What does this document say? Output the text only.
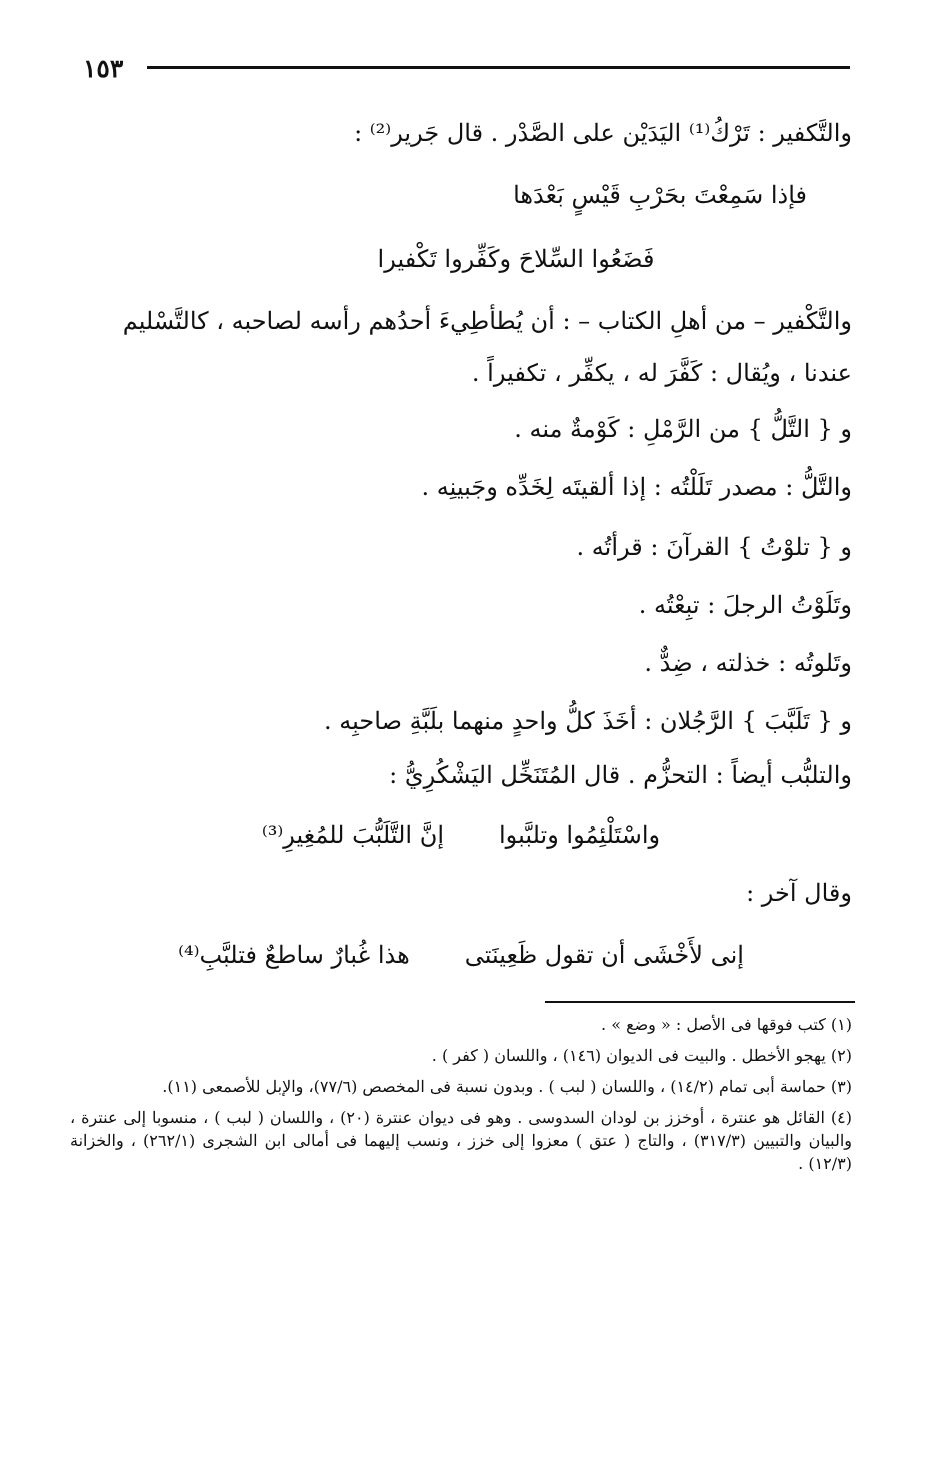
١٥٣

والتَّكفير : تَرْكُ⁽¹⁾ اليَدَيْن على الصَّدْر . قال جَرير⁽²⁾ :

فإذا سَمِعْتَ بحَرْبِ قَيْسٍ بَعْدَها

فَضَعُوا السِّلاحَ وكَفِّروا تَكْفيرا

والتَّكْفير – من أهلِ الكتاب – : أن يُطأطِيءَ أحدُهم رأسه لصاحبه ، كالتَّسْليم

عندنا ، ويُقال : كَفَّرَ له ، يكفِّر ، تكفيراً .

و { التَّلُّ } من الرَّمْلِ : كَوْمةٌ منه .

والتَّلُّ : مصدر تَلَلْتُه : إذا ألقيتَه لِخَدِّه وجَبينِه .

و { تلوْتُ } القرآنَ : قرأتُه .

وتَلَوْتُ الرجلَ : تبِعْتُه .

وتَلوتُه : خذلته ، ضِدٌّ .

و { تَلَبَّبَ } الرَّجُلان : أخَذَ كلُّ واحدٍ منهما بلَبَّةِ صاحبِه .

والتلبُّب أيضاً : التحزُّم . قال المُتَنَخِّل اليَشْكُرِيُّ :

واسْتَلْئِمُوا وتلبَّبوا
إنَّ التَّلَبُّبَ للمُغِيرِ⁽³⁾

وقال آخر :

إنى لأَخْشَى أن تقول ظَعِينَتى
هذا غُبارٌ ساطعٌ فتلبَّبِ⁽⁴⁾

(١) كتب فوقها فى الأصل : « وضع » .

(٢) يهجو الأخطل . والبيت فى الديوان (١٤٦) ، واللسان ( كفر ) .

(٣) حماسة أبى تمام (١٤/٢) ، واللسان ( لبب ) . وبدون نسبة فى المخصص (٧٧/٦)، والإبل للأصمعى (١١).

(٤) القائل هو عنترة ، أوخزز بن لودان السدوسى . وهو فى ديوان عنترة (٢٠) ، واللسان ( لبب ) ، منسوبا إلى عنترة ، والبيان والتبيين (٣١٧/٣) ، والتاج ( عتق ) معزوا إلى خزز ، ونسب إليهما فى أمالى ابن الشجرى (٢٦٢/١) ، والخزانة (١٢/٣) .
